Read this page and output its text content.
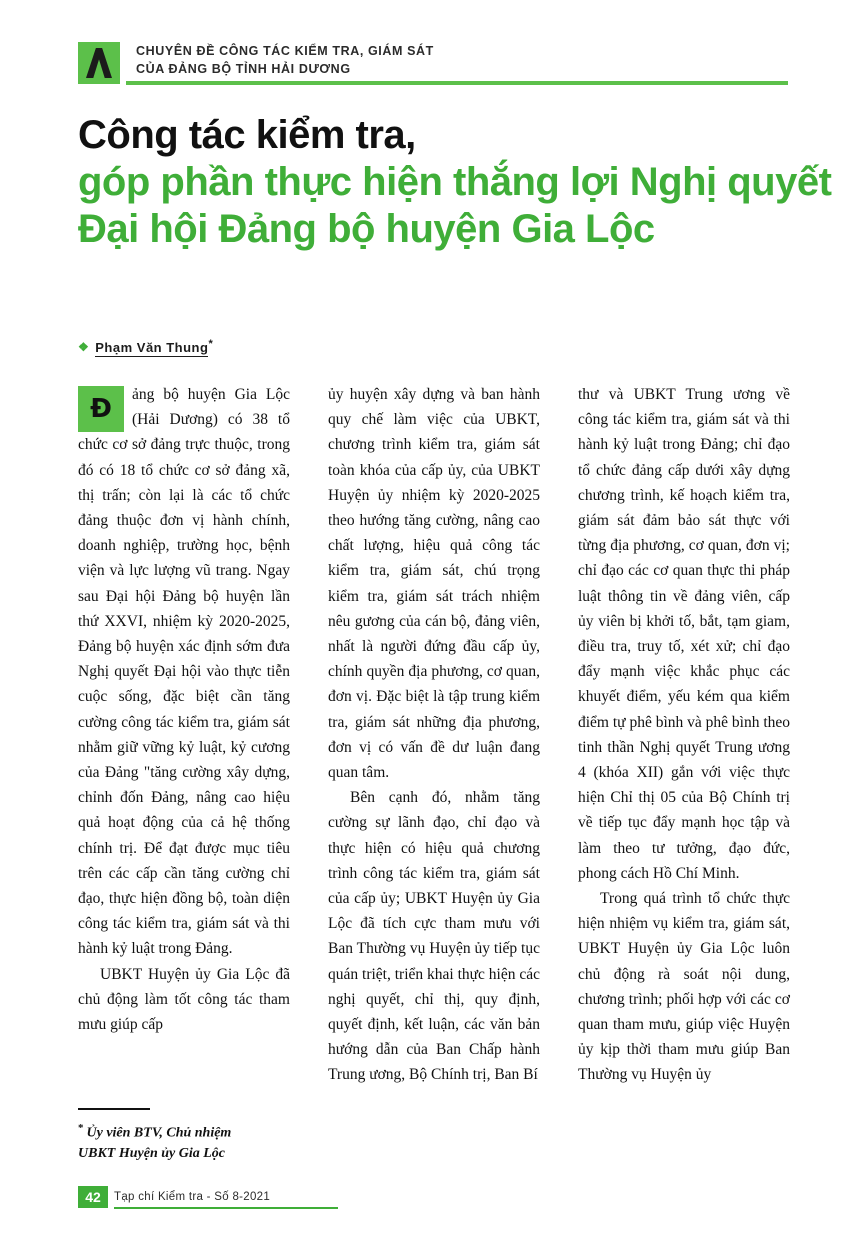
CHUYÊN ĐỀ CÔNG TÁC KIỂM TRA, GIÁM SÁT
CỦA ĐẢNG BỘ TỈNH HẢI DƯƠNG
Công tác kiểm tra,
góp phần thực hiện thắng lợi Nghị quyết
Đại hội Đảng bộ huyện Gia Lộc
❖ Phạm Văn Thung*
Đ	ảng bộ huyện Gia Lộc (Hải Dương) có 38 tổ chức cơ sở đảng trực thuộc, trong đó có 18 tổ chức cơ sở đảng xã, thị trấn; còn lại là các tổ chức đảng thuộc đơn vị hành chính, doanh nghiệp, trường học, bệnh viện và lực lượng vũ trang. Ngay sau Đại hội Đảng bộ huyện lần thứ XXVI, nhiệm kỳ 2020-2025, Đảng bộ huyện xác định sớm đưa Nghị quyết Đại hội vào thực tiễn cuộc sống, đặc biệt cần tăng cường công tác kiểm tra, giám sát nhằm giữ vững kỷ luật, kỷ cương của Đảng "tăng cường xây dựng, chỉnh đốn Đảng, nâng cao hiệu quả hoạt động của cả hệ thống chính trị. Để đạt được mục tiêu trên các cấp cần tăng cường chỉ đạo, thực hiện đồng bộ, toàn diện công tác kiểm tra, giám sát và thi hành kỷ luật trong Đảng.

UBKT Huyện ủy Gia Lộc đã chủ động làm tốt công tác tham mưu giúp cấp

ủy huyện xây dựng và ban hành quy chế làm việc của UBKT, chương trình kiểm tra, giám sát toàn khóa của cấp ủy, của UBKT Huyện ủy nhiệm kỳ 2020-2025 theo hướng tăng cường, nâng cao chất lượng, hiệu quả công tác kiểm tra, giám sát, chú trọng kiểm tra, giám sát trách nhiệm nêu gương của cán bộ, đảng viên, nhất là người đứng đầu cấp ủy, chính quyền địa phương, cơ quan, đơn vị. Đặc biệt là tập trung kiểm tra, giám sát những địa phương, đơn vị có vấn đề dư luận đang quan tâm.

Bên cạnh đó, nhằm tăng cường sự lãnh đạo, chỉ đạo và thực hiện có hiệu quả chương trình công tác kiểm tra, giám sát của cấp ủy; UBKT Huyện ủy Gia Lộc đã tích cực tham mưu với Ban Thường vụ Huyện ủy tiếp tục quán triệt, triển khai thực hiện các nghị quyết, chỉ thị, quy định, quyết định, kết luận, các văn bản hướng dẫn của Ban Chấp hành Trung ương, Bộ Chính trị, Ban Bí

thư và UBKT Trung ương về công tác kiểm tra, giám sát và thi hành kỷ luật trong Đảng; chỉ đạo tổ chức đảng cấp dưới xây dựng chương trình, kế hoạch kiểm tra, giám sát đảm bảo sát thực với từng địa phương, cơ quan, đơn vị; chỉ đạo các cơ quan thực thi pháp luật thông tin về đảng viên, cấp ủy viên bị khởi tố, bắt, tạm giam, điều tra, truy tố, xét xử; chỉ đạo đẩy mạnh việc khắc phục các khuyết điểm, yếu kém qua kiểm điểm tự phê bình và phê bình theo tinh thần Nghị quyết Trung ương 4 (khóa XII) gắn với việc thực hiện Chỉ thị 05 của Bộ Chính trị về tiếp tục đẩy mạnh học tập và làm theo tư tưởng, đạo đức, phong cách Hồ Chí Minh.

Trong quá trình tổ chức thực hiện nhiệm vụ kiểm tra, giám sát, UBKT Huyện ủy Gia Lộc luôn chủ động rà soát nội dung, chương trình; phối hợp với các cơ quan tham mưu, giúp việc Huyện ủy kịp thời tham mưu giúp Ban Thường vụ Huyện ủy

* Ủy viên BTV, Chủ nhiệm
UBKT Huyện ủy Gia Lộc
42	Tạp chí Kiểm tra - Số 8-2021
